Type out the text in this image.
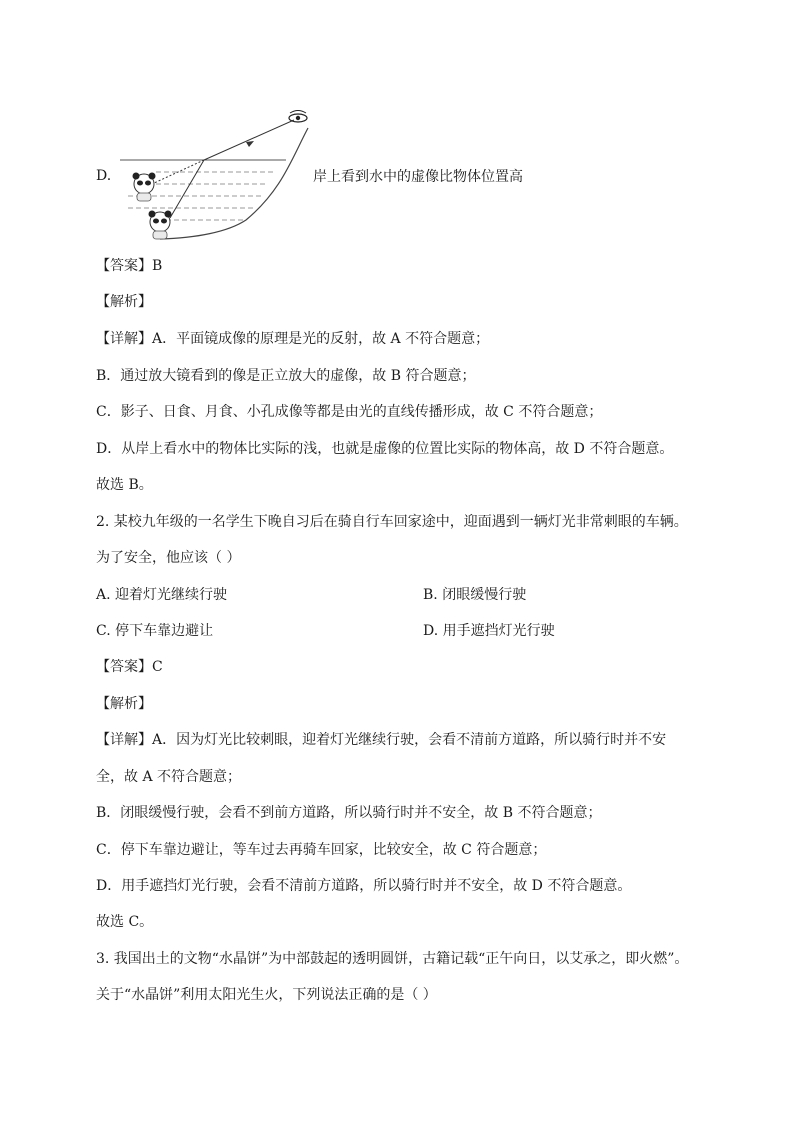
D.	岸上看到水中的虚像比物体位置高
【答案】B
【解析】
【详解】A．平面镜成像的原理是光的反射，故 A 不符合题意；
B．通过放大镜看到的像是正立放大的虚像，故 B 符合题意；
C．影子、日食、月食、小孔成像等都是由光的直线传播形成，故 C 不符合题意；
D．从岸上看水中的物体比实际的浅，也就是虚像的位置比实际的物体高，故 D 不符合题意。
故选 B。
2. 某校九年级的一名学生下晚自习后在骑自行车回家途中，迎面遇到一辆灯光非常刺眼的车辆。
为了安全，他应该（ ）
A. 迎着灯光继续行驶	B. 闭眼缓慢行驶
C. 停下车靠边避让	D. 用手遮挡灯光行驶
【答案】C
【解析】
【详解】A．因为灯光比较刺眼，迎着灯光继续行驶，会看不清前方道路，所以骑行时并不安
全，故 A 不符合题意；
B．闭眼缓慢行驶，会看不到前方道路，所以骑行时并不安全，故 B 不符合题意；
C．停下车靠边避让，等车过去再骑车回家，比较安全，故 C 符合题意；
D．用手遮挡灯光行驶，会看不清前方道路，所以骑行时并不安全，故 D 不符合题意。
故选 C。
3. 我国出土的文物“水晶饼”为中部鼓起的透明圆饼，古籍记载“正午向日，以艾承之，即火燃”。
关于“水晶饼”利用太阳光生火，下列说法正确的是（ ）
